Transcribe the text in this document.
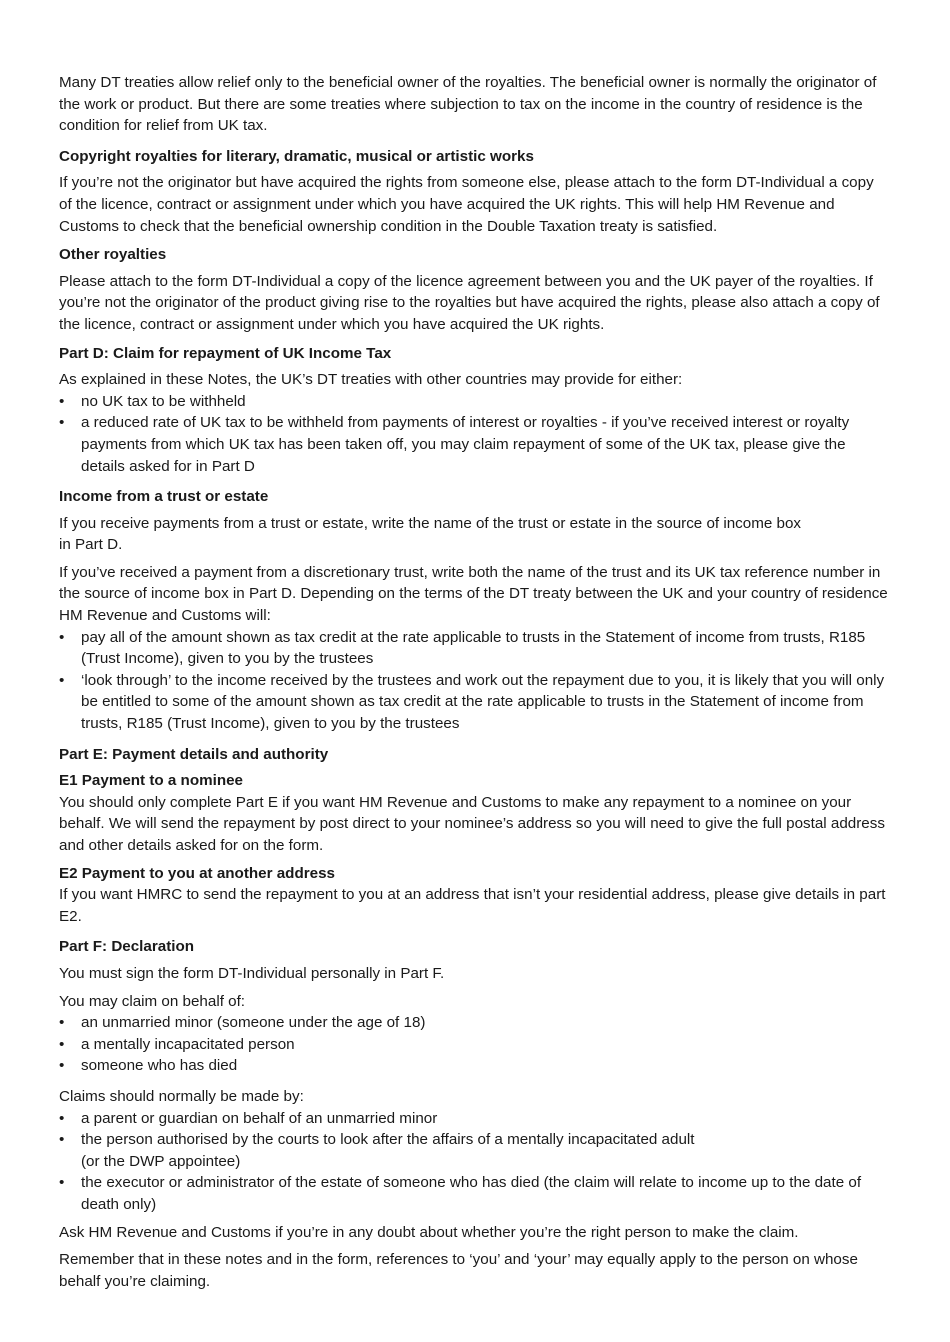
Many DT treaties allow relief only to the beneficial owner of the royalties. The beneficial owner is normally the originator of the work or product. But there are some treaties where subjection to tax on the income in the country of residence is the condition for relief from UK tax.

Copyright royalties for literary, dramatic, musical or artistic works

If you’re not the originator but have acquired the rights from someone else, please attach to the form DT-Individual a copy of the licence, contract or assignment under which you have acquired the UK rights. This will help HM Revenue and Customs to check that the beneficial ownership condition in the Double Taxation treaty is satisfied.

Other royalties

Please attach to the form DT-Individual a copy of the licence agreement between you and the UK payer of the royalties. If you’re not the originator of the product giving rise to the royalties but have acquired the rights, please also attach a copy of the licence, contract or assignment under which you have acquired the UK rights.

Part D: Claim for repayment of UK Income Tax

As explained in these Notes, the UK’s DT treaties with other countries may provide for either:

• no UK tax to be withheld
• a reduced rate of UK tax to be withheld from payments of interest or royalties - if you’ve received interest or royalty payments from which UK tax has been taken off, you may claim repayment of some of the UK tax, please give the details asked for in Part D
Income from a trust or estate

If you receive payments from a trust or estate, write the name of the trust or estate in the source of income box
in Part D.

If you’ve received a payment from a discretionary trust, write both the name of the trust and its UK tax reference number in the source of income box in Part D. Depending on the terms of the DT treaty between the UK and your country of residence HM Revenue and Customs will:

• pay all of the amount shown as tax credit at the rate applicable to trusts in the Statement of income from trusts, R185 (Trust Income), given to you by the trustees
• ‘look through’ to the income received by the trustees and work out the repayment due to you, it is likely that you will only be entitled to some of the amount shown as tax credit at the rate applicable to trusts in the Statement of income from trusts, R185 (Trust Income), given to you by the trustees
Part E: Payment details and authority
E1 Payment to a nominee

You should only complete Part E if you want HM Revenue and Customs to make any repayment to a nominee on your behalf. We will send the repayment by post direct to your nominee’s address so you will need to give the full postal address and other details asked for on the form.

E2 Payment to you at another address

If you want HMRC to send the repayment to you at an address that isn’t your residential address, please give details in part E2.

Part F: Declaration

You must sign the form DT-Individual personally in Part F.

You may claim on behalf of:

• an unmarried minor (someone under the age of 18)
• a mentally incapacitated person
• someone who has died

Claims should normally be made by:

• a parent or guardian on behalf of an unmarried minor
• the person authorised by the courts to look after the affairs of a mentally incapacitated adult
(or the DWP appointee)
• the executor or administrator of the estate of someone who has died (the claim will relate to income up to the date of death only)

Ask HM Revenue and Customs if you’re in any doubt about whether you’re the right person to make the claim.

Remember that in these notes and in the form, references to ‘you’ and ‘your’ may equally apply to the person on whose behalf you’re claiming.
